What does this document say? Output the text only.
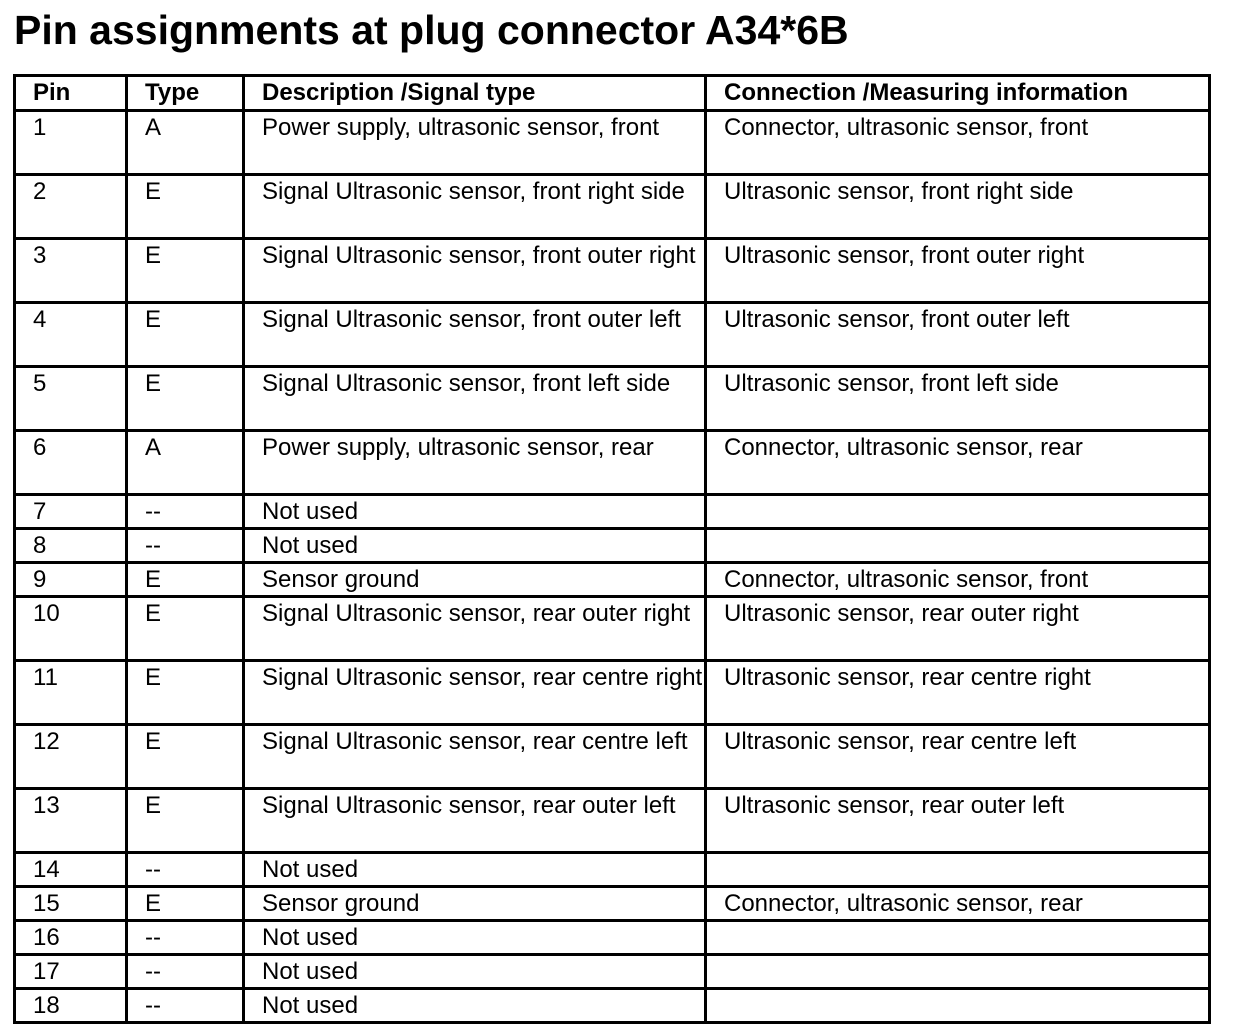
Pin assignments at plug connector A34*6B
Pin	Type	Description /Signal type	Connection /Measuring information
1	A	Power supply, ultrasonic sensor, front	Connector, ultrasonic sensor, front
2	E	Signal Ultrasonic sensor, front right side	Ultrasonic sensor, front right side
3	E	Signal Ultrasonic sensor, front outer right	Ultrasonic sensor, front outer right
4	E	Signal Ultrasonic sensor, front outer left	Ultrasonic sensor, front outer left
5	E	Signal Ultrasonic sensor, front left side	Ultrasonic sensor, front left side
6	A	Power supply, ultrasonic sensor, rear	Connector, ultrasonic sensor, rear
7	--	Not used	
8	--	Not used	
9	E	Sensor ground	Connector, ultrasonic sensor, front
10	E	Signal Ultrasonic sensor, rear outer right	Ultrasonic sensor, rear outer right
11	E	Signal Ultrasonic sensor, rear centre right	Ultrasonic sensor, rear centre right
12	E	Signal Ultrasonic sensor, rear centre left	Ultrasonic sensor, rear centre left
13	E	Signal Ultrasonic sensor, rear outer left	Ultrasonic sensor, rear outer left
14	--	Not used	
15	E	Sensor ground	Connector, ultrasonic sensor, rear
16	--	Not used	
17	--	Not used	
18	--	Not used	
